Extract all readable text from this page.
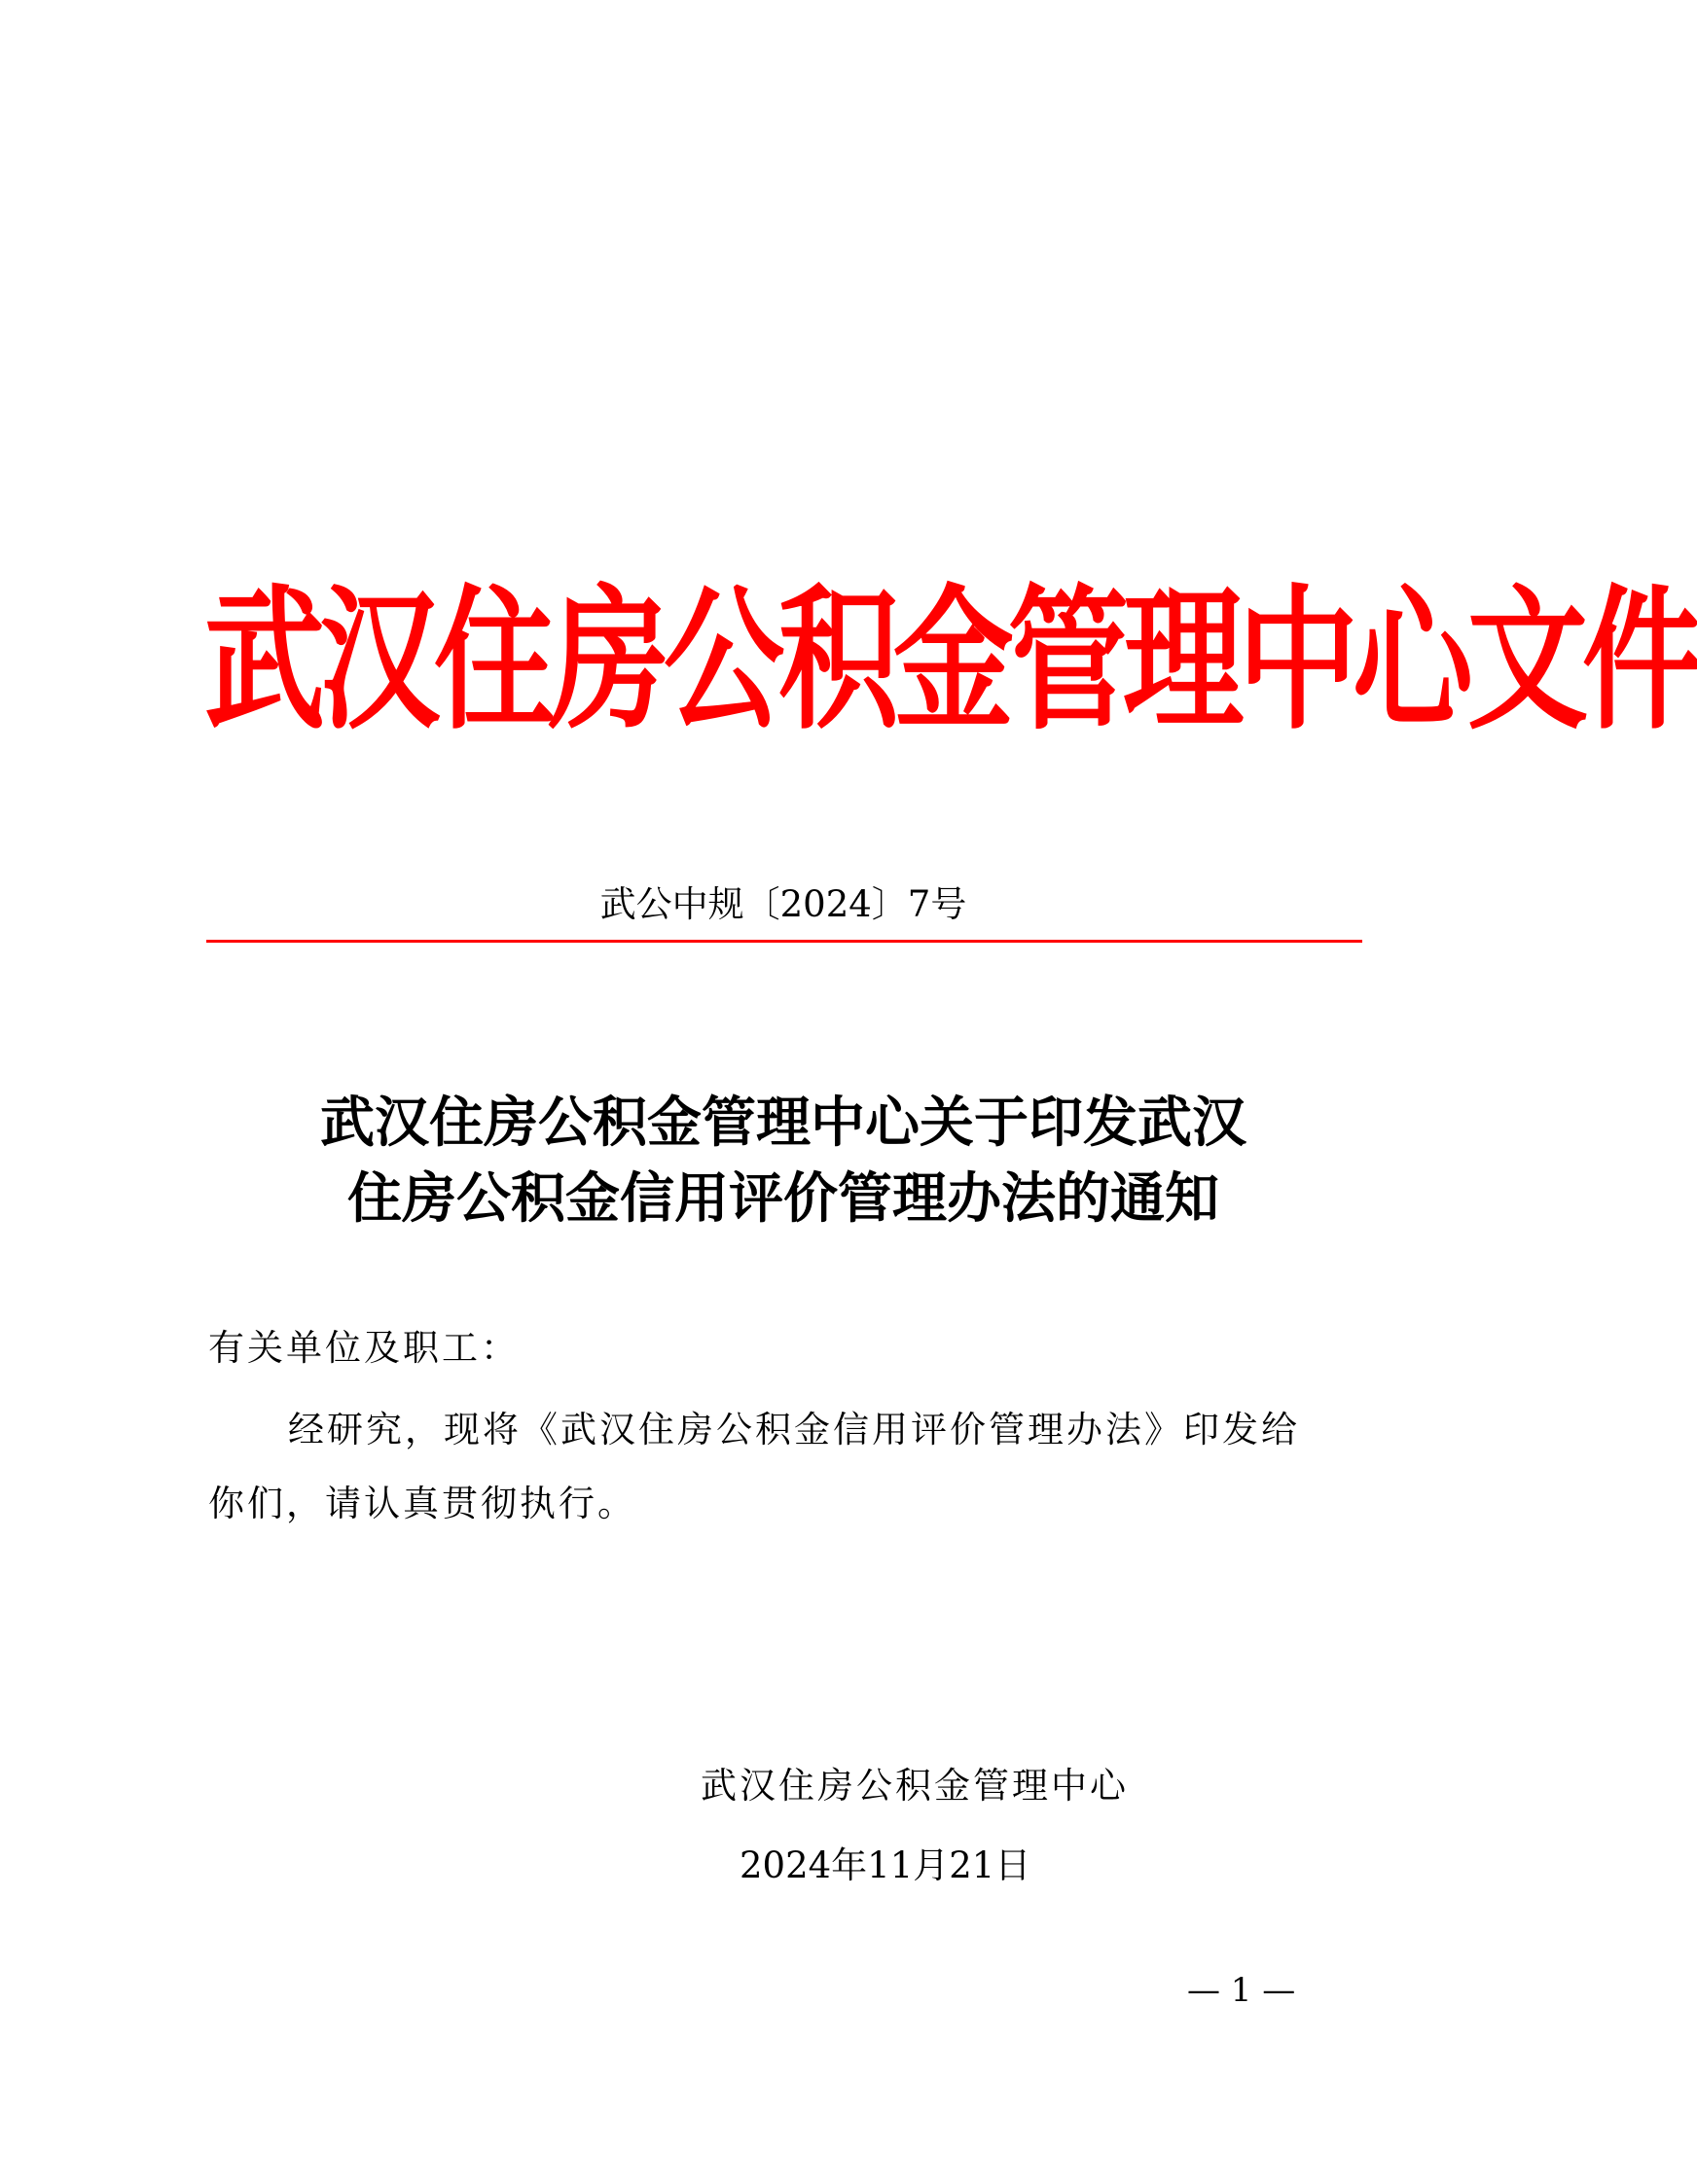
武汉住房公积金管理中心文件
武公中规〔2024〕7号
武汉住房公积金管理中心关于印发武汉
住房公积金信用评价管理办法的通知
有关单位及职工：
经研究，现将《武汉住房公积金信用评价管理办法》印发给
你们，请认真贯彻执行。
武汉住房公积金管理中心
2024年11月21日
— 1 —
